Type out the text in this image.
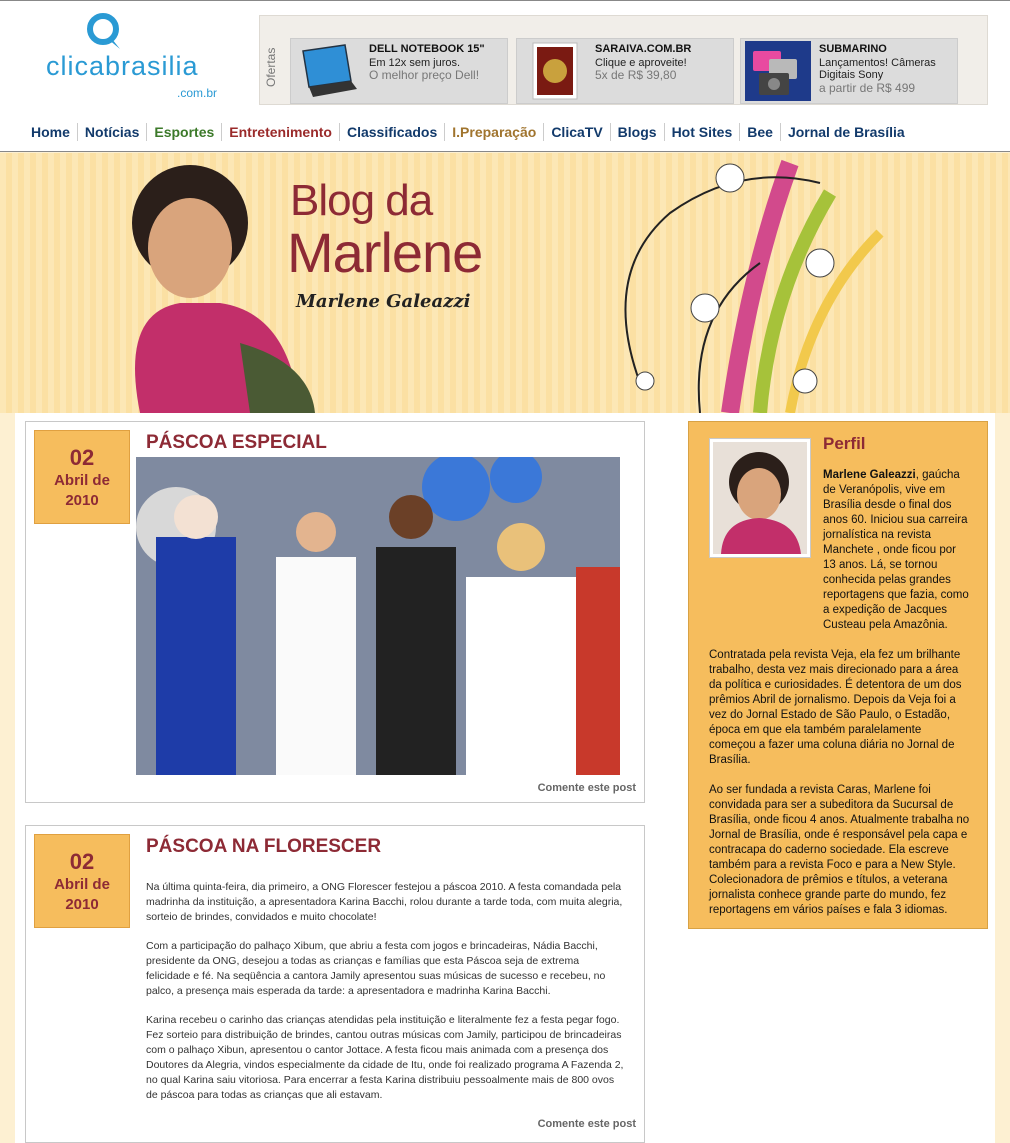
clicabrasilia
.com.br
Ofertas	DELL NOTEBOOK 15"
Em 12x sem juros.
O melhor preço Dell!
SARAIVA.COM.BR
Clique e aproveite!
5x de R$ 39,80
SUBMARINO
Lançamentos! Câmeras
Digitais Sony
a partir de R$ 499
Home	Notícias	Esportes	Entretenimento	Classificados	I.Preparação	ClicaTV	Blogs	Hot Sites	Bee	Jornal de Brasília
Blog da
Marlene
Marlene Galeazzi
02
Abril de
2010
PÁSCOA ESPECIAL
Comente este post
02
Abril de
2010
PÁSCOA NA FLORESCER

Na última quinta-feira, dia primeiro, a ONG Florescer festejou a páscoa 2010. A festa comandada pela madrinha da instituição, a apresentadora Karina Bacchi, rolou durante a tarde toda, com muita alegria, sorteio de brindes, convidados e muito chocolate!

Com a participação do palhaço Xibum, que abriu a festa com jogos e brincadeiras, Nádia Bacchi, presidente da ONG, desejou a todas as crianças e famílias que esta Páscoa seja de extrema felicidade e fé. Na seqüência a cantora Jamily apresentou suas músicas de sucesso e recebeu, no palco, a presença mais esperada da tarde: a apresentadora e madrinha Karina Bacchi.

Karina recebeu o carinho das crianças atendidas pela instituição e literalmente fez a festa pegar fogo. Fez sorteio para distribuição de brindes, cantou outras músicas com Jamily, participou de brincadeiras com o palhaço Xibun, apresentou o cantor Jottace. A festa ficou mais animada com a presença dos Doutores da Alegria, vindos especialmente da cidade de Itu, onde foi realizado programa A Fazenda 2, no qual Karina saiu vitoriosa. Para encerrar a festa Karina distribuiu pessoalmente mais de 800 ovos de páscoa para todas as crianças que ali estavam.

Comente este post
Perfil

Marlene Galeazzi, gaúcha de Veranópolis, vive em Brasília desde o final dos anos 60. Iniciou sua carreira jornalística na revista Manchete , onde ficou por 13 anos. Lá, se tornou conhecida pelas grandes reportagens que fazia, como a expedição de Jacques Custeau pela Amazônia.

Contratada pela revista Veja, ela fez um brilhante trabalho, desta vez mais direcionado para a área da política e curiosidades. É detentora de um dos prêmios Abril de jornalismo. Depois da Veja foi a vez do Jornal Estado de São Paulo, o Estadão, época em que ela também paralelamente começou a fazer uma coluna diária no Jornal de Brasília.

Ao ser fundada a revista Caras, Marlene foi convidada para ser a subeditora da Sucursal de Brasília, onde ficou 4 anos. Atualmente trabalha no Jornal de Brasília, onde é responsável pela capa e contracapa do caderno sociedade. Ela escreve também para a revista Foco e para a New Style. Colecionadora de prêmios e títulos, a veterana jornalista conhece grande parte do mundo, fez reportagens em vários países e fala 3 idiomas.
